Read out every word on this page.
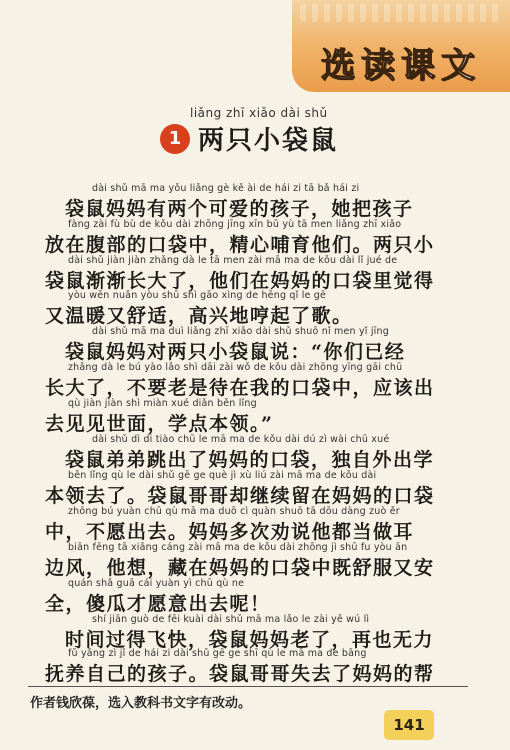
选读课文
liǎng zhī xiǎo dài shǔ
1 两只小袋鼠
dài shǔ mā ma yǒu liǎng gè kě ài de hái zi tā bǎ hái zi
袋鼠妈妈有两个可爱的孩子，她把孩子
fàng zài fù bù de kǒu dài zhōng jīng xīn bǔ yù tā men liǎng zhī xiǎo
放在腹部的口袋中，精心哺育他们。两只小
dài shǔ jiàn jiàn zhǎng dà le tā men zài mā ma de kǒu dài lǐ jué de
袋鼠渐渐长大了，他们在妈妈的口袋里觉得
yòu wēn nuǎn yòu shū shì gāo xìng de hēng qǐ le gē
又温暖又舒适，高兴地哼起了歌。
dài shǔ mā ma duì liǎng zhī xiǎo dài shǔ shuō nǐ men yǐ jīng
袋鼠妈妈对两只小袋鼠说：“你们已经
zhǎng dà le bú yào lǎo shì dāi zài wǒ de kǒu dài zhōng yīng gāi chū
长大了，不要老是待在我的口袋中，应该出
qù jiàn jiàn shì miàn xué diǎn běn lǐng
去见见世面，学点本领。”
dài shǔ dì di tiào chū le mā ma de kǒu dài dú zì wài chū xué
袋鼠弟弟跳出了妈妈的口袋，独自外出学
běn lǐng qù le dài shǔ gē ge què jì xù liú zài mā ma de kǒu dài
本领去了。袋鼠哥哥却继续留在妈妈的口袋
zhōng bú yuàn chū qù mā ma duō cì quàn shuō tā dōu dàng zuò ěr
中，不愿出去。妈妈多次劝说他都当做耳
biān fēng tā xiǎng cáng zài mā ma de kǒu dài zhōng jì shū fu yòu ān
边风，他想，藏在妈妈的口袋中既舒服又安
quán shǎ guā cái yuàn yì chū qù ne
全，傻瓜才愿意出去呢！
shí jiān guò de fēi kuài dài shǔ mā ma lǎo le zài yě wú lì
时间过得飞快，袋鼠妈妈老了，再也无力
fǔ yǎng zì jǐ de hái zi dài shǔ gē ge shī qù le mā ma de bāng
抚养自己的孩子。袋鼠哥哥失去了妈妈的帮
作者钱欣葆，选入教科书文字有改动。
141
